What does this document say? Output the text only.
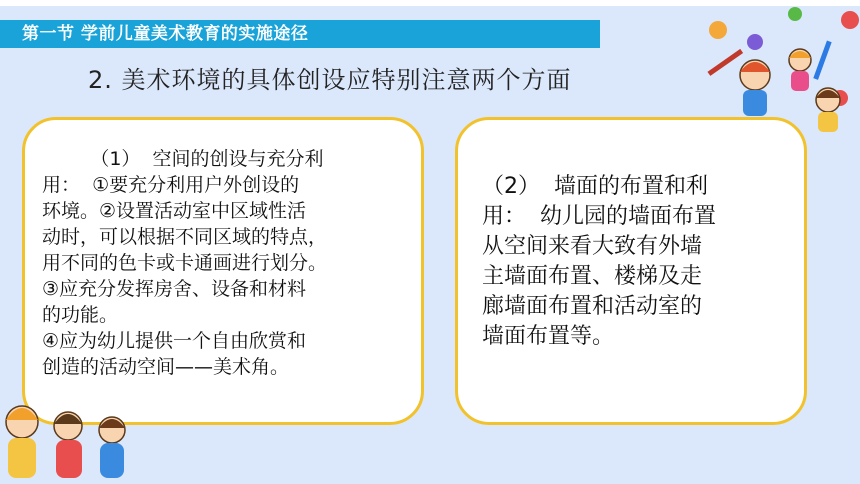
第一节 学前儿童美术教育的实施途径
2. 美术环境的具体创设应特别注意两个方面
（1）  空间的创设与充分利
用：  ①要充分利用户外创设的
环境。②设置活动室中区域性活
动时，可以根据不同区域的特点，
用不同的色卡或卡通画进行划分。
③应充分发挥房舍、设备和材料
的功能。
④应为幼儿提供一个自由欣赏和
创造的活动空间——美术角。
（2）  墙面的布置和利
用：  幼儿园的墙面布置
从空间来看大致有外墙
主墙面布置、楼梯及走
廊墙面布置和活动室的
墙面布置等。
